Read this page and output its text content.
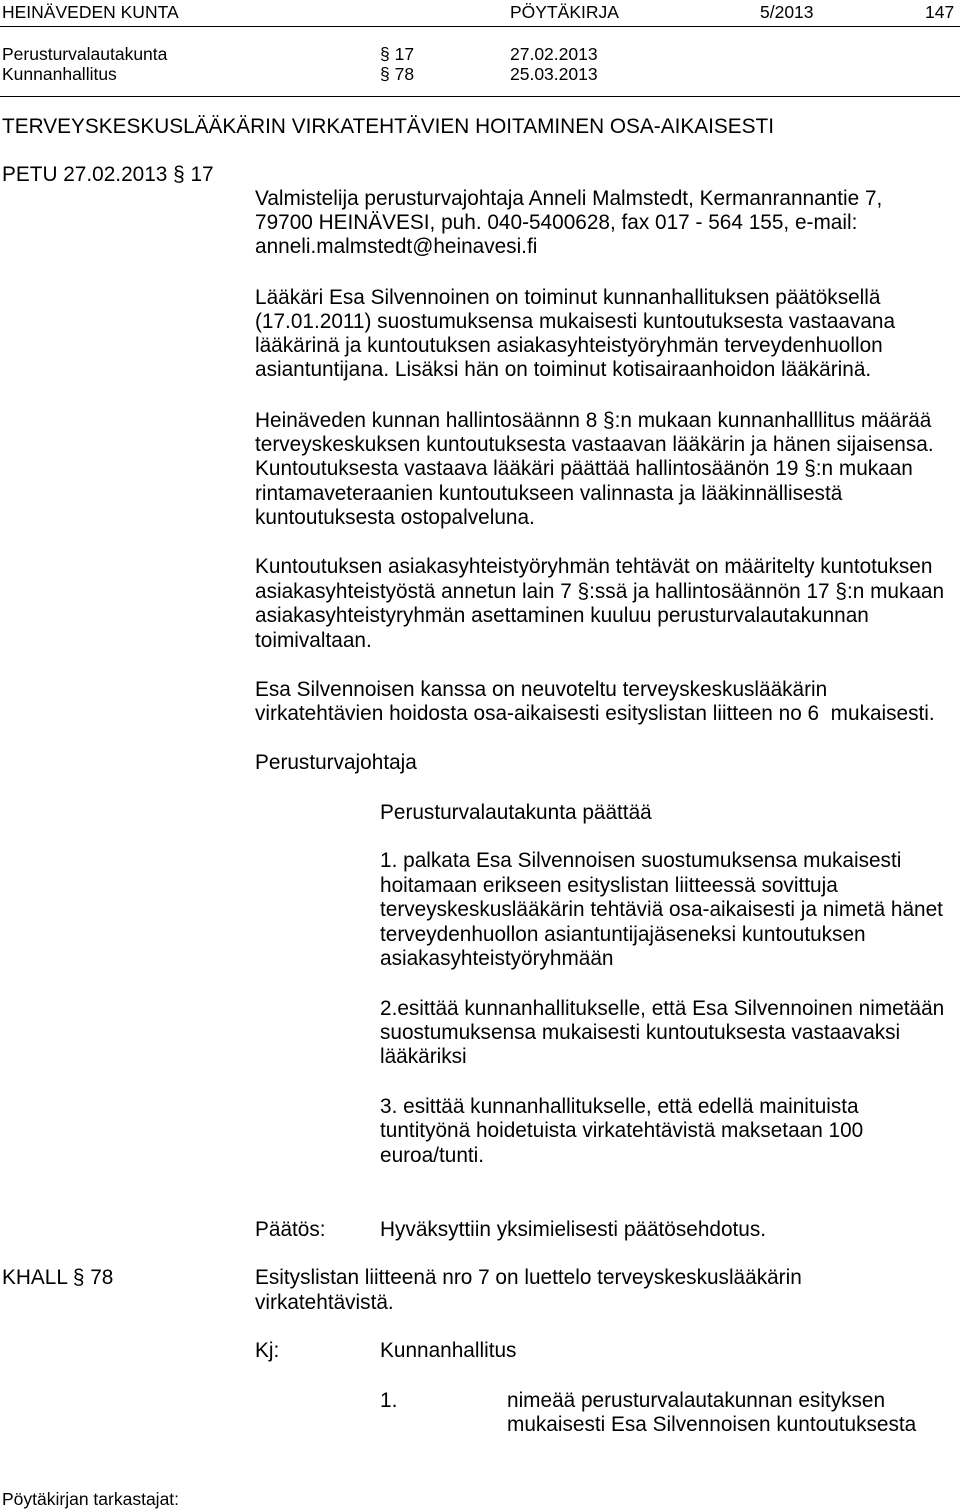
HEINÄVEDEN KUNTA	PÖYTÄKIRJA	5/2013	147
Perusturvalautakunta	§ 17	27.02.2013
Kunnanhallitus	§ 78	25.03.2013
TERVEYSKESKUSLÄÄKÄRIN VIRKATEHTÄVIEN HOITAMINEN OSA-AIKAISESTI
PETU 27.02.2013 § 17
Valmistelija perusturvajohtaja Anneli Malmstedt, Kermanrannantie 7,
79700 HEINÄVESI, puh. 040-5400628, fax 017 - 564 155, e-mail:
anneli.malmstedt@heinavesi.fi
Lääkäri Esa Silvennoinen on toiminut kunnanhallituksen päätöksellä
(17.01.2011) suostumuksensa mukaisesti kuntoutuksesta vastaavana
lääkärinä ja kuntoutuksen asiakasyhteistyöryhmän terveydenhuollon
asiantuntijana. Lisäksi hän on toiminut kotisairaanhoidon lääkärinä.
Heinäveden kunnan hallintosäännn 8 §:n mukaan kunnanhalllitus määrää
terveyskeskuksen kuntoutuksesta vastaavan lääkärin ja hänen sijaisensa.
Kuntoutuksesta vastaava lääkäri päättää hallintosäänön 19 §:n mukaan
rintamaveteraanien kuntoutukseen valinnasta ja lääkinnällisestä
kuntoutuksesta ostopalveluna.
Kuntoutuksen asiakasyhteistyöryhmän tehtävät on määritelty kuntotuksen
asiakasyhteistyöstä annetun lain 7 §:ssä ja hallintosäännön 17 §:n mukaan
asiakasyhteistyryhmän asettaminen kuuluu perusturvalautakunnan
toimivaltaan.
Esa Silvennoisen kanssa on neuvoteltu terveyskeskuslääkärin
virkatehtävien hoidosta osa-aikaisesti esityslistan liitteen no 6  mukaisesti.
Perusturvajohtaja
Perusturvalautakunta päättää
1. palkata Esa Silvennoisen suostumuksensa mukaisesti
hoitamaan erikseen esityslistan liitteessä sovittuja
terveyskeskuslääkärin tehtäviä osa-aikaisesti ja nimetä hänet
terveydenhuollon asiantuntijajäseneksi kuntoutuksen
asiakasyhteistyöryhmään
2.esittää kunnanhallitukselle, että Esa Silvennoinen nimetään
suostumuksensa mukaisesti kuntoutuksesta vastaavaksi
lääkäriksi
3. esittää kunnanhallitukselle, että edellä mainituista
tuntityönä hoidetuista virkatehtävistä maksetaan 100
euroa/tunti.
Päätös:	Hyväksyttiin yksimielisesti päätösehdotus.
KHALL § 78	Esityslistan liitteenä nro 7 on luettelo terveyskeskuslääkärin
virkatehtävistä.
Kj:	Kunnanhallitus
1.	nimeää perusturvalautakunnan esityksen
mukaisesti Esa Silvennoisen kuntoutuksesta
Pöytäkirjan tarkastajat:
